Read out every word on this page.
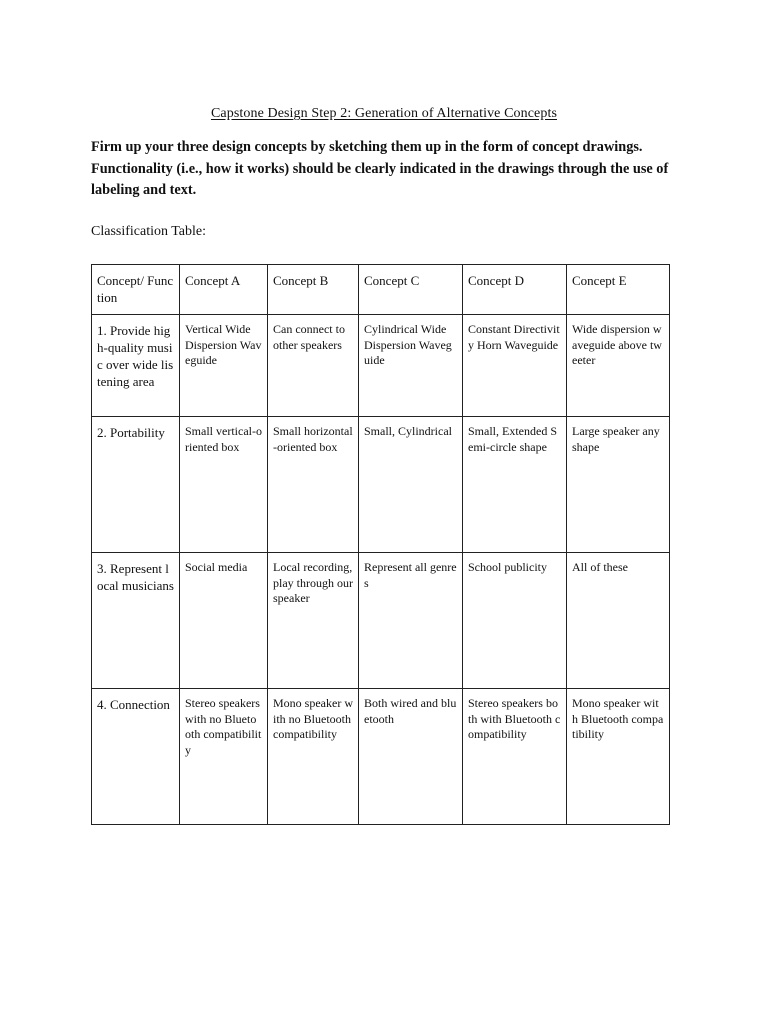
Capstone Design Step 2: Generation of Alternative Concepts

Firm up your three design concepts by sketching them up in the form of concept drawings. Functionality (i.e., how it works) should be clearly indicated in the drawings through the use of labeling and text.

Classification Table:
Concept/ Function	Concept A	Concept B	Concept C	Concept D	Concept E
1. Provide high-quality music over wide listening area	Vertical Wide Dispersion Waveguide	Can connect to other speakers	Cylindrical Wide Dispersion Waveguide	Constant Directivity Horn Waveguide	Wide dispersion waveguide above tweeter
2. Portability	Small vertical-oriented box	Small horizontal-oriented box	Small, Cylindrical	Small, Extended Semi-circle shape	Large speaker any shape
3. Represent local musicians	Social media	Local recording, play through our speaker	Represent all genres	School publicity	All of these
4. Connection	Stereo speakers with no Bluetooth compatibility	Mono speaker with no Bluetooth compatibility	Both wired and bluetooth	Stereo speakers both with Bluetooth compatibility	Mono speaker with Bluetooth compatibility
